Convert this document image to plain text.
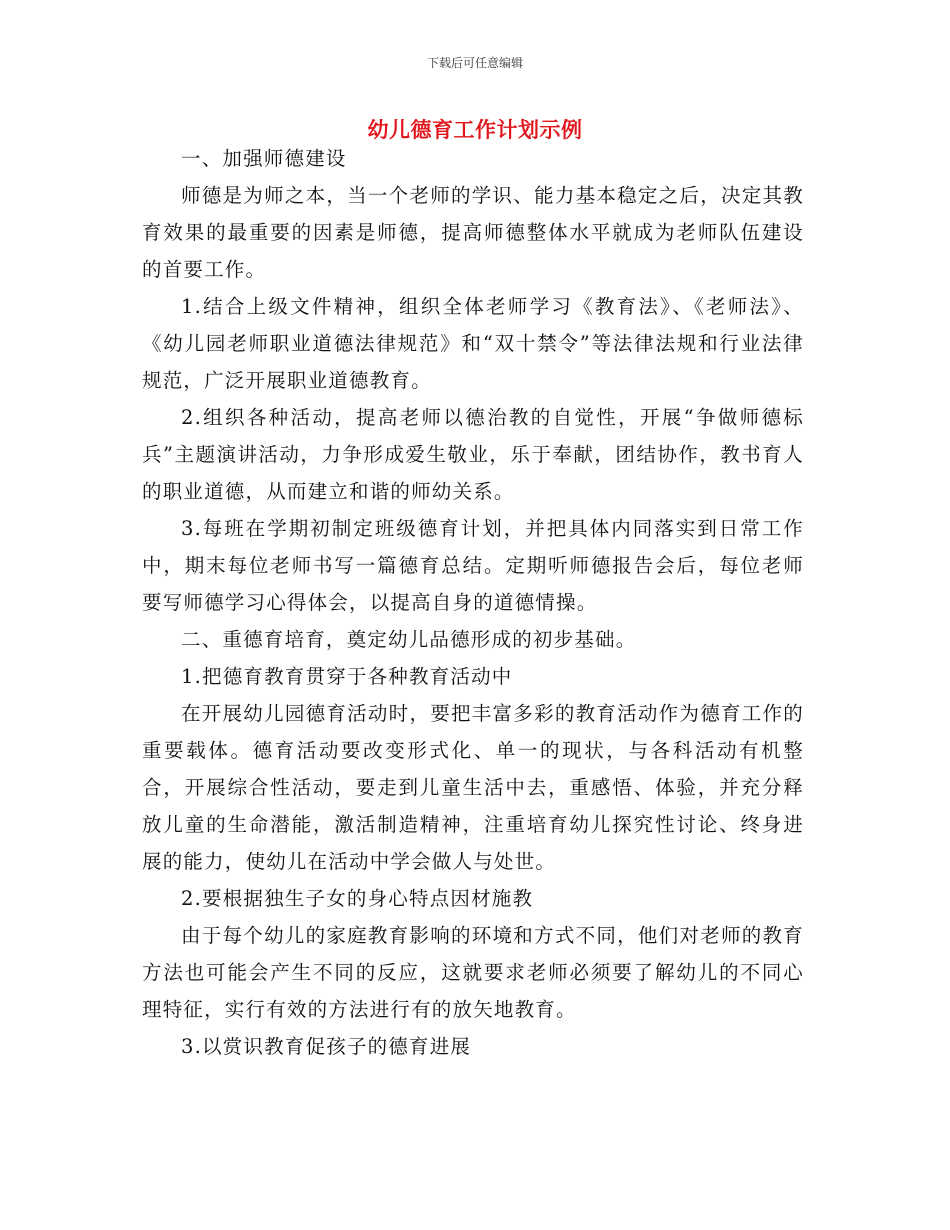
下载后可任意编辑
幼儿德育工作计划示例

一、加强师德建设

师德是为师之本，当一个老师的学识、能力基本稳定之后，决定其教育效果的最重要的因素是师德，提高师德整体水平就成为老师队伍建设的首要工作。

1.结合上级文件精神，组织全体老师学习《教育法》、《老师法》、《幼儿园老师职业道德法律规范》和“双十禁令”等法律法规和行业法律规范，广泛开展职业道德教育。

2.组织各种活动，提高老师以德治教的自觉性，开展“争做师德标兵”主题演讲活动，力争形成爱生敬业，乐于奉献，团结协作，教书育人的职业道德，从而建立和谐的师幼关系。

3.每班在学期初制定班级德育计划，并把具体内同落实到日常工作中，期末每位老师书写一篇德育总结。定期听师德报告会后，每位老师要写师德学习心得体会，以提高自身的道德情操。

二、重德育培育，奠定幼儿品德形成的初步基础。

1.把德育教育贯穿于各种教育活动中

在开展幼儿园德育活动时，要把丰富多彩的教育活动作为德育工作的重要载体。德育活动要改变形式化、单一的现状，与各科活动有机整合，开展综合性活动，要走到儿童生活中去，重感悟、体验，并充分释放儿童的生命潜能，激活制造精神，注重培育幼儿探究性讨论、终身进展的能力，使幼儿在活动中学会做人与处世。

2.要根据独生子女的身心特点因材施教

由于每个幼儿的家庭教育影响的环境和方式不同，他们对老师的教育方法也可能会产生不同的反应，这就要求老师必须要了解幼儿的不同心理特征，实行有效的方法进行有的放矢地教育。

3.以赏识教育促孩子的德育进展
